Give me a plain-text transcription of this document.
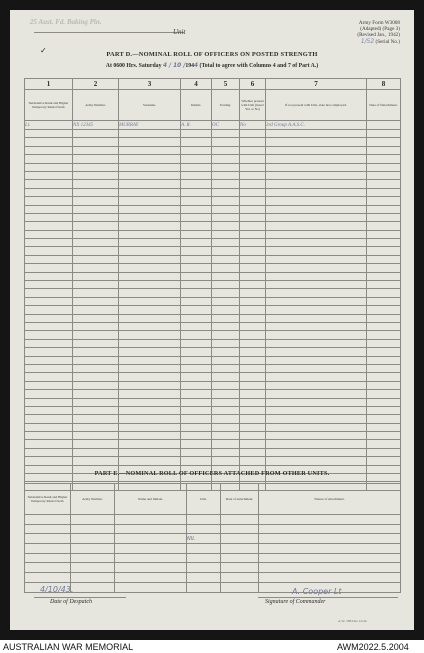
25 Aust. Fd. Baking Pln.
Unit
Army Form W3008
(Adapted) (Page 3)
(Revised Jan., 1942)
1/52 (Serial No.)
✓	PART D.—NOMINAL ROLL OF OFFICERS ON POSTED STRENGTH
At 0600 Hrs. Saturday 4 / 10 /1944 (Total to agree with Columns 4 and 7 of Part A.)
1	2	3	4	5	6	7	8
Substantive Rank and Higher Temporary Rank if held.	Army Number.	Surname.	Initials.	Posting.	Whether present with Unit (insert Yes or No)	If not present with Unit, state how employed.	Date of Detachment.
Lt.	NX 12345	MURRAY	A. R.	OC	No	3rd Group A.A.S.C.	

PART E.—NOMINAL ROLL OF OFFICERS ATTACHED FROM OTHER UNITS.
Substantive Rank and Higher Temporary Rank if held.	Army Number.	Name and Initials.	Unit.	Date of Attachment.	Nature of Attachment.

			NIL		

4/10/43.
Date of Despatch
A. Cooper Lt
Signature of Commander
A.W. 288 Des 12/44
AUSTRALIAN WAR MEMORIAL	AWM2022.5.2004
